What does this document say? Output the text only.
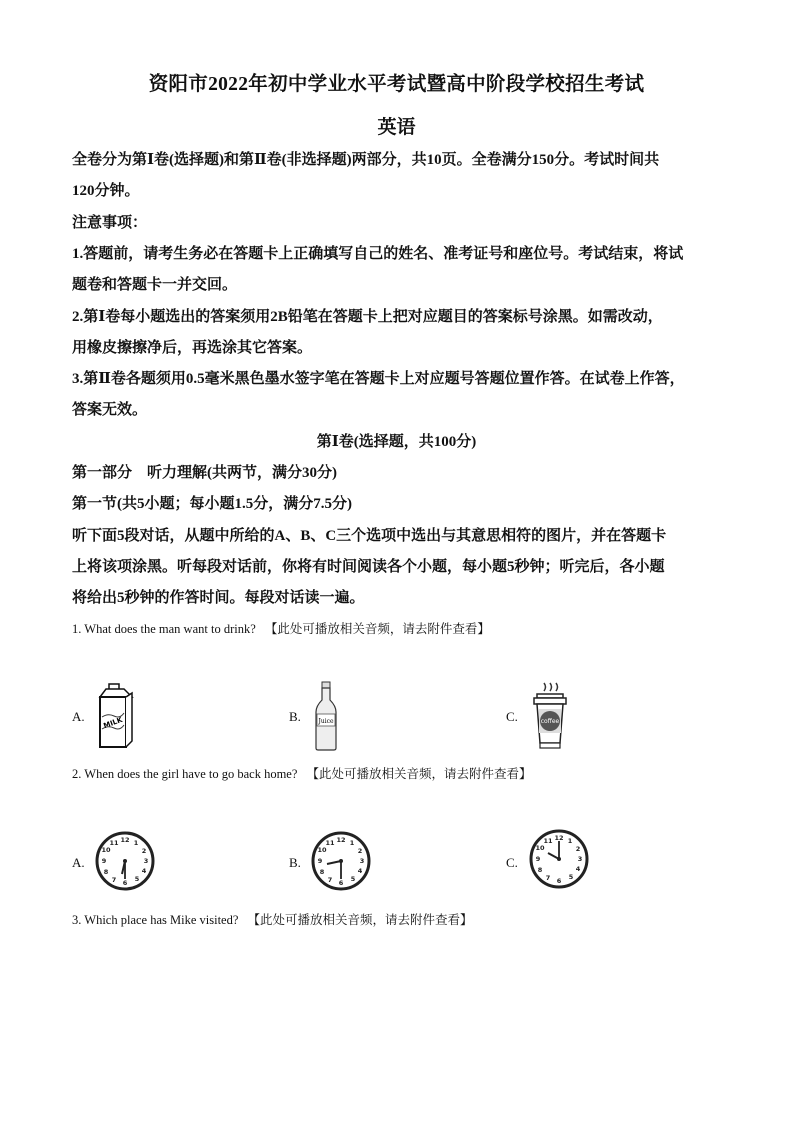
资阳市2022年初中学业水平考试暨高中阶段学校招生考试
英语
全卷分为第Ⅰ卷(选择题)和第Ⅱ卷(非选择题)两部分，共10页。全卷满分150分。考试时间共
120分钟。
注意事项：
1.答题前，请考生务必在答题卡上正确填写自己的姓名、准考证号和座位号。考试结束，将试
题卷和答题卡一并交回。
2.第Ⅰ卷每小题选出的答案须用2B铅笔在答题卡上把对应题目的答案标号涂黑。如需改动，
用橡皮擦擦净后，再选涂其它答案。
3.第Ⅱ卷各题须用0.5毫米黑色墨水签字笔在答题卡上对应题号答题位置作答。在试卷上作答，
答案无效。
第Ⅰ卷(选择题，共100分)
第一部分　听力理解(共两节，满分30分)
第一节(共5小题；每小题1.5分，满分7.5分)
听下面5段对话，从题中所给的A、B、C三个选项中选出与其意思相符的图片，并在答题卡
上将该项涂黑。听每段对话前，你将有时间阅读各个小题，每小题5秒钟；听完后，各小题
将给出5秒钟的作答时间。每段对话读一遍。
1. What does the man want to drink? 【此处可播放相关音频，请去附件查看】
A.	MILK	B.	Juice	C.	coffee
2. When does the girl have to go back home? 【此处可播放相关音频，请去附件查看】
A.
12 1
2
3
4
5
6
7
8
9
10
11
B.
12 1
2
3
4
5
6
7
8
9
10
11
C.
12 1
2
3
4
5
6
7
8
9
10
11
3. Which place has Mike visited? 【此处可播放相关音频，请去附件查看】
